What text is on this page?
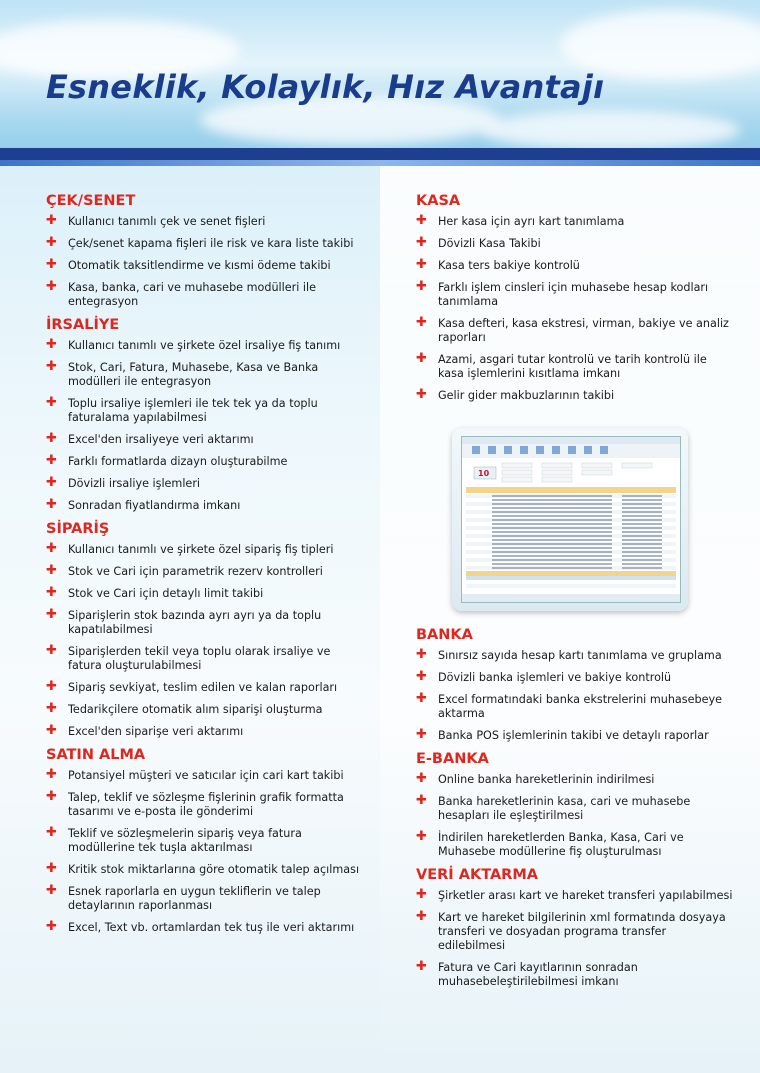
Esneklik, Kolaylık, Hız Avantajı
ÇEK/SENET
✚ Kullanıcı tanımlı çek ve senet fişleri
✚ Çek/senet kapama fişleri ile risk ve kara liste takibi
✚ Otomatik taksitlendirme ve kısmi ödeme takibi
✚ Kasa, banka, cari ve muhasebe modülleri ile entegrasyon
İRSALİYE
✚ Kullanıcı tanımlı ve şirkete özel irsaliye fiş tanımı
✚ Stok, Cari, Fatura, Muhasebe, Kasa ve Banka modülleri ile entegrasyon
✚ Toplu irsaliye işlemleri ile tek tek ya da toplu faturalama yapılabilmesi
✚ Excel'den irsaliyeye veri aktarımı
✚ Farklı formatlarda dizayn oluşturabilme
✚ Dövizli irsaliye işlemleri
✚ Sonradan fiyatlandırma imkanı
SİPARİŞ
✚ Kullanıcı tanımlı ve şirkete özel sipariş fiş tipleri
✚ Stok ve Cari için parametrik rezerv kontrolleri
✚ Stok ve Cari için detaylı limit takibi
✚ Siparişlerin stok bazında ayrı ayrı ya da toplu kapatılabilmesi
✚ Siparişlerden tekil veya toplu olarak irsaliye ve fatura oluşturulabilmesi
✚ Sipariş sevkiyat, teslim edilen ve kalan raporları
✚ Tedarikçilere otomatik alım siparişi oluşturma
✚ Excel'den siparişe veri aktarımı
SATIN ALMA
✚ Potansiyel müşteri ve satıcılar için cari kart takibi
✚ Talep, teklif ve sözleşme fişlerinin grafik formatta tasarımı ve e-posta ile gönderimi
✚ Teklif ve sözleşmelerin sipariş veya fatura modüllerine tek tuşla aktarılması
✚ Kritik stok miktarlarına göre otomatik talep açılması
✚ Esnek raporlarla en uygun tekliflerin ve talep detaylarının raporlanması
✚ Excel, Text vb. ortamlardan tek tuş ile veri aktarımı
KASA
✚ Her kasa için ayrı kart tanımlama
✚ Dövizli Kasa Takibi
✚ Kasa ters bakiye kontrolü
✚ Farklı işlem cinsleri için muhasebe hesap kodları tanımlama
✚ Kasa defteri, kasa ekstresi, virman, bakiye ve analiz raporları
✚ Azami, asgari tutar kontrolü ve tarih kontrolü ile kasa işlemlerini kısıtlama imkanı
✚ Gelir gider makbuzlarının takibi
10
BANKA
✚ Sınırsız sayıda hesap kartı tanımlama ve gruplama
✚ Dövizli banka işlemleri ve bakiye kontrolü
✚ Excel formatındaki banka ekstrelerini muhasebeye aktarma
✚ Banka POS işlemlerinin takibi ve detaylı raporlar
E-BANKA
✚ Online banka hareketlerinin indirilmesi
✚ Banka hareketlerinin kasa, cari ve muhasebe hesapları ile eşleştirilmesi
✚ İndirilen hareketlerden Banka, Kasa, Cari ve Muhasebe modüllerine fiş oluşturulması
VERİ AKTARMA
✚ Şirketler arası kart ve hareket transferi yapılabilmesi
✚ Kart ve hareket bilgilerinin xml formatında dosyaya transferi ve dosyadan programa transfer edilebilmesi
✚ Fatura ve Cari kayıtlarının sonradan muhasebeleştirilebilmesi imkanı
